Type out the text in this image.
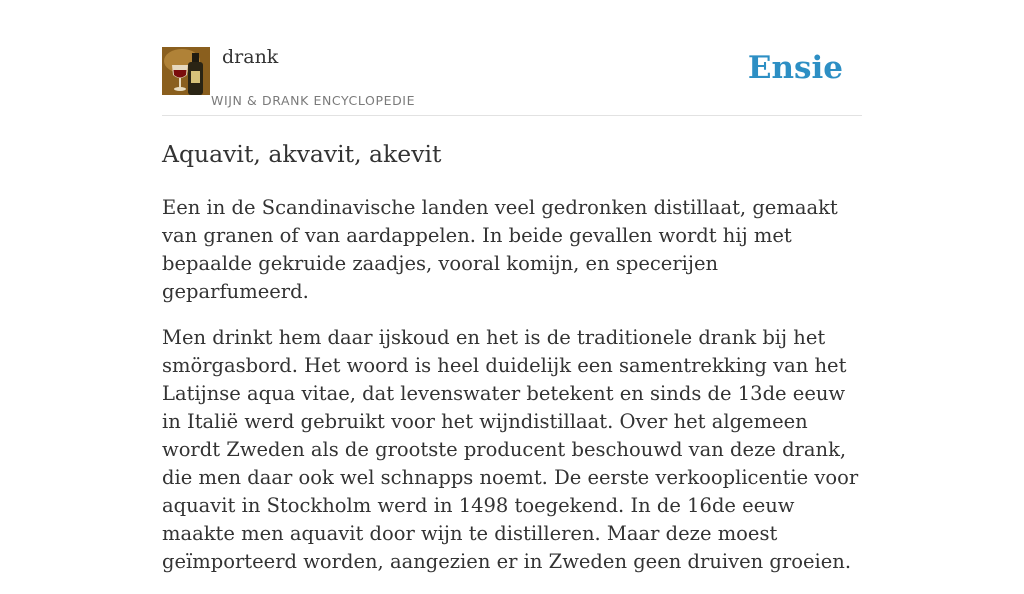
drank
WIJN & DRANK ENCYCLOPEDIE
Ensie
Aquavit, akvavit, akevit

Een in de Scandinavische landen veel gedronken distillaat, gemaakt van granen of van aardappelen. In beide gevallen wordt hij met bepaalde gekruide zaadjes, vooral komijn, en specerijen geparfumeerd.

Men drinkt hem daar ijskoud en het is de traditionele drank bij het smörgasbord. Het woord is heel duidelijk een samentrekking van het Latijnse aqua vitae, dat levenswater betekent en sinds de 13de eeuw in Italië werd gebruikt voor het wijndistillaat. Over het algemeen wordt Zweden als de grootste producent beschouwd van deze drank, die men daar ook wel schnapps noemt. De eerste verkooplicentie voor aquavit in Stockholm werd in 1498 toegekend. In de 16de eeuw maakte men aquavit door wijn te distilleren. Maar deze moest geïmporteerd worden, aangezien er in Zweden geen druiven groeien.
